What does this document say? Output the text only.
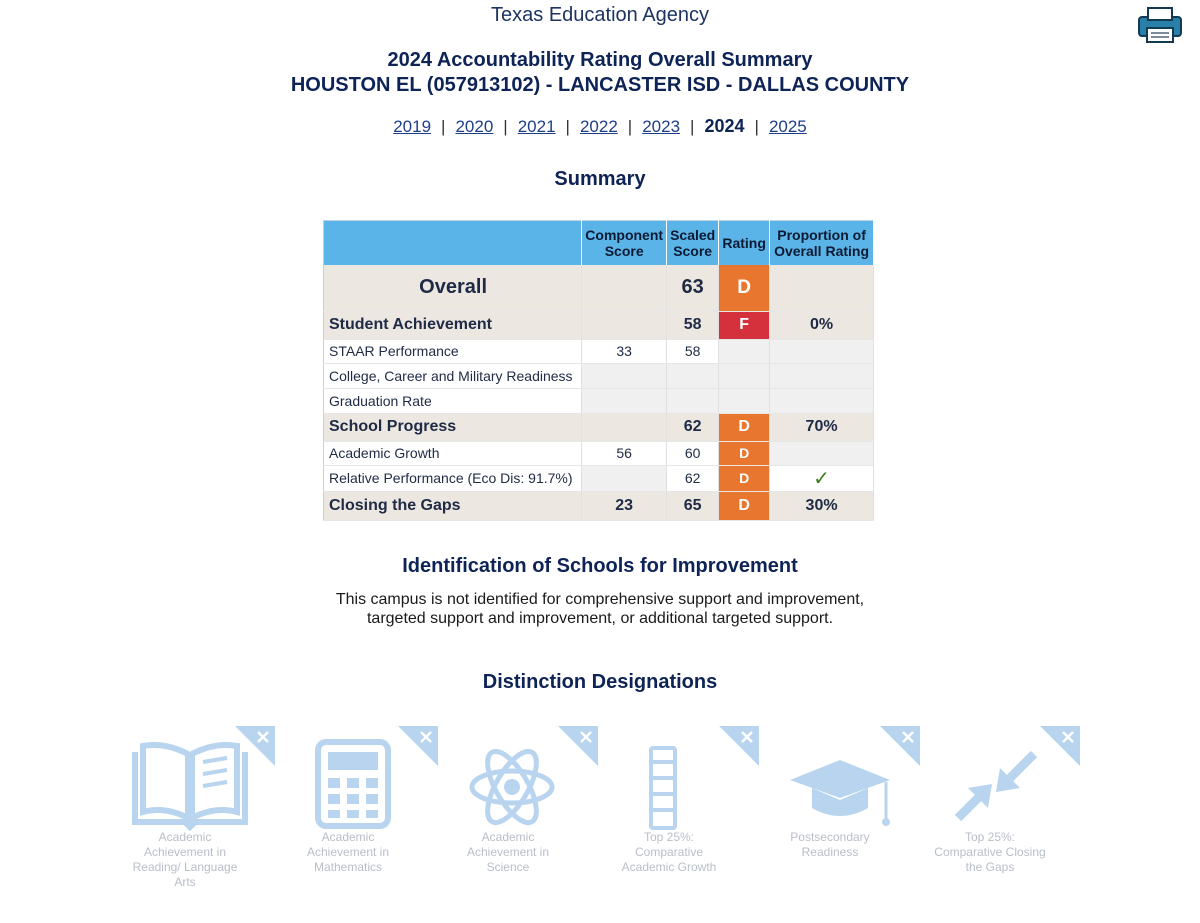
Texas Education Agency
2024 Accountability Rating Overall Summary
HOUSTON EL (057913102) - LANCASTER ISD - DALLAS COUNTY
2019 | 2020 | 2021 | 2022 | 2023 | 2024 | 2025
Summary
	Component Score	Scaled Score	Rating	Proportion of Overall Rating
Overall		63	D	
Student Achievement		58	F	0%
STAAR Performance	33	58		
College, Career and Military Readiness				
Graduation Rate				
School Progress		62	D	70%
Academic Growth	56	60	D	
Relative Performance (Eco Dis: 91.7%)		62	D	✓
Closing the Gaps	23	65	D	30%
Identification of Schools for Improvement
This campus is not identified for comprehensive support and improvement,
targeted support and improvement, or additional targeted support.
Distinction Designations
Academic Achievement in Reading/ Language Arts
Academic Achievement in Mathematics
Academic Achievement in Science
Top 25%: Comparative Academic Growth
Postsecondary Readiness
Top 25%: Comparative Closing the Gaps
